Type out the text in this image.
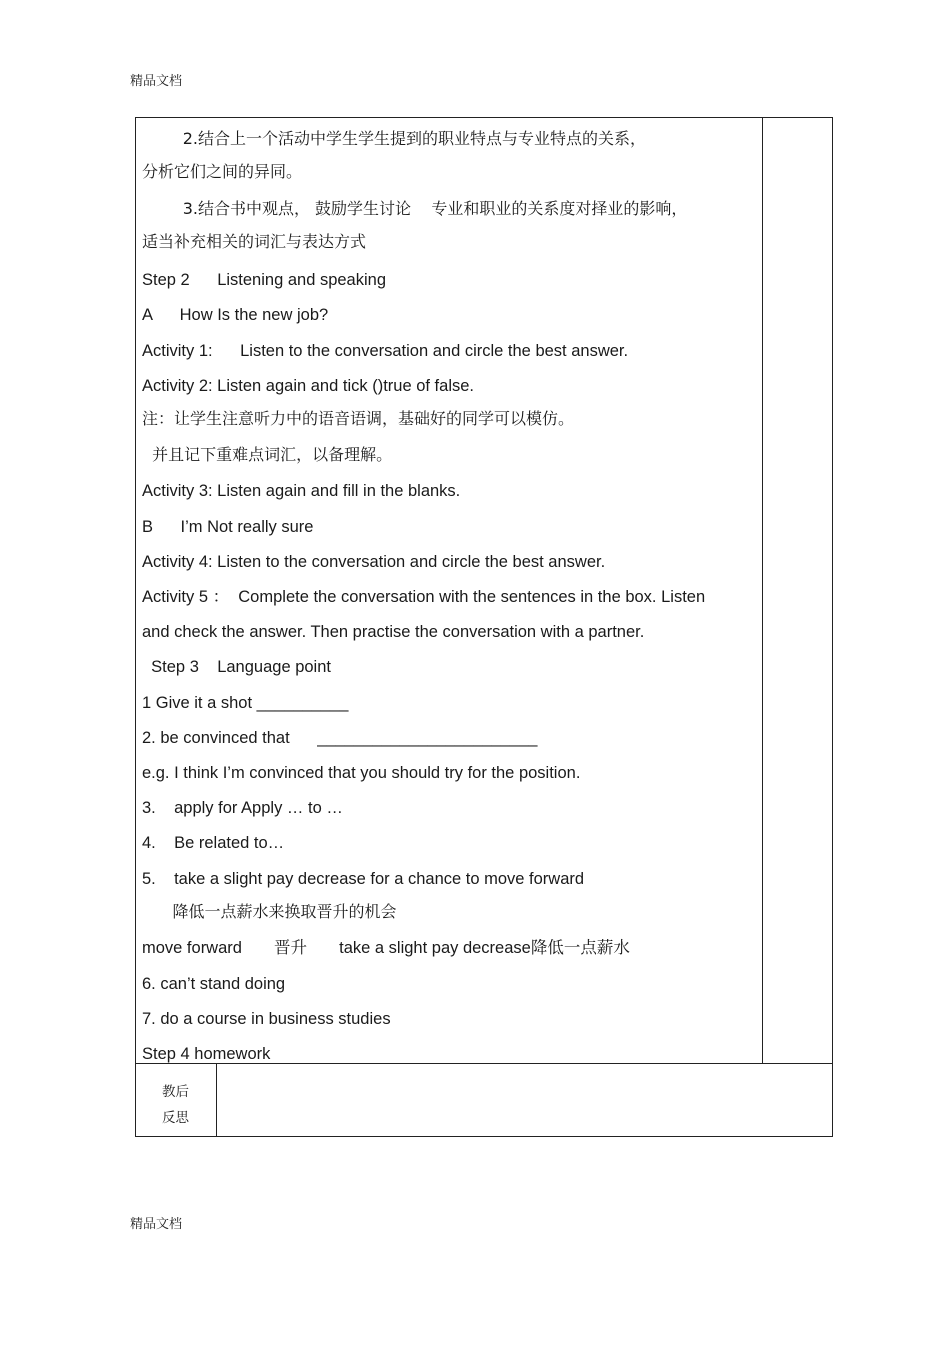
精品文档
2.结合上一个活动中学生学生提到的职业特点与专业特点的关系，
分析它们之间的异同。
3.结合书中观点， 鼓励学生讨论    专业和职业的关系度对择业的影响，
适当补充相关的词汇与表达方式
Step 2      Listening and speaking
A      How Is the new job?
Activity 1:      Listen to the conversation and circle the best answer.
Activity 2: Listen again and tick ()true of false.
注：让学生注意听力中的语音语调，基础好的同学可以模仿。
并且记下重难点词汇，以备理解。
Activity 3: Listen again and fill in the blanks.
B      I’m Not really sure
Activity 4: Listen to the conversation and circle the best answer.
Activity 5 ：  Complete the conversation with the sentences in the box. Listen
and check the answer. Then practise the conversation with a partner.
Step 3    Language point
1 Give it a shot __________
2. be convinced that      ________________________
e.g. I think I’m convinced that you should try for the position.
3.    apply for Apply … to …
4.    Be related to…
5.    take a slight pay decrease for a chance to move forward
降低一点薪水来换取晋升的机会
move forward       晋升       take a slight pay decrease降低一点薪水
6. can’t stand doing
7. do a course in business studies
Step 4 homework
教后
反思
精品文档
